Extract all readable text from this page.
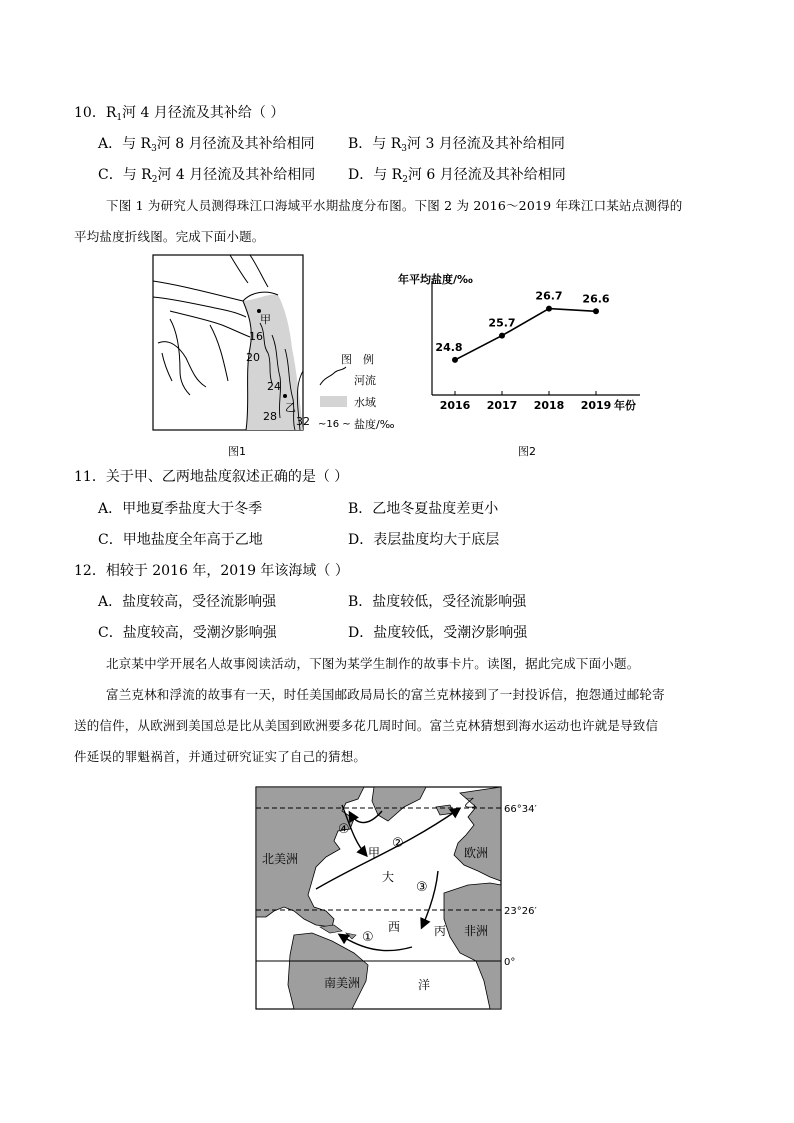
10．$R_1$河 4 月径流及其补给（ ）
A．与 $R_3$河 8 月径流及其补给相同 B．与 $R_3$河 3 月径流及其补给相同
C．与 $R_2$河 4 月径流及其补给相同 D．与 $R_2$河 6 月径流及其补给相同
下图 1 为研究人员测得珠江口海域平水期盐度分布图。下图 2 为 2016～2019 年珠江口某站点测得的
平均盐度折线图。完成下面小题。
16
20
24
28 32
甲
乙
图　例
河流
水域
~16 ~ 盐度/‰
图1
年平均盐度/‰
年份
2016
24.8
2017
25.7
2018
26.7
2019
26.6
图2
11．关于甲、乙两地盐度叙述正确的是（ ）
A．甲地夏季盐度大于冬季	B．乙地冬夏盐度差更小
C．甲地盐度全年高于乙地	D．表层盐度均大于底层
12．相较于 2016 年，2019 年该海域（ ）
A．盐度较高，受径流影响强	B．盐度较低，受径流影响强
C．盐度较高，受潮汐影响强	D．盐度较低，受潮汐影响强
北京某中学开展名人故事阅读活动，下图为某学生制作的故事卡片。读图，据此完成下面小题。
富兰克林和浮流的故事有一天，时任美国邮政局局长的富兰克林接到了一封投诉信，抱怨通过邮轮寄
送的信件，从欧洲到美国总是比从美国到欧洲要多花几周时间。富兰克林猜想到海水运动也许就是导致信
件延误的罪魁祸首，并通过研究证实了自己的猜想。
66°34′
23°26′
0°
④
②
③
①
甲
乙
丙
北美洲
南美洲
欧洲
非洲
大
西
洋
